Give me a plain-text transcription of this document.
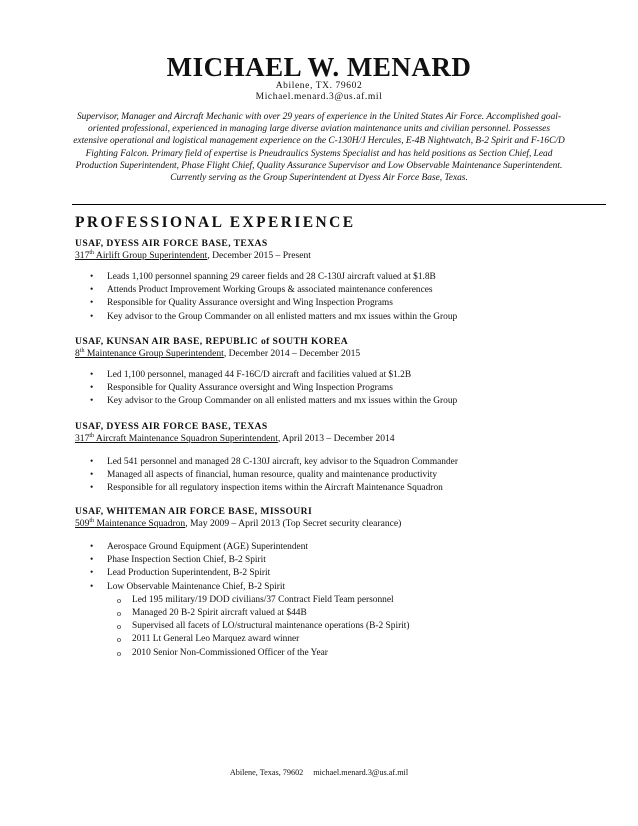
MICHAEL W. MENARD
Abilene, TX. 79602
Michael.menard.3@us.af.mil
Supervisor, Manager and Aircraft Mechanic with over 29 years of experience in the United States Air Force. Accomplished goal-oriented professional, experienced in managing large diverse aviation maintenance units and civilian personnel. Possesses extensive operational and logistical management experience on the C-130H/J Hercules, E-4B Nightwatch, B-2 Spirit and F-16C/D Fighting Falcon. Primary field of expertise is Pneudraulics Systems Specialist and has held positions as Section Chief, Lead Production Superintendent, Phase Flight Chief, Quality Assurance Supervisor and Low Observable Maintenance Superintendent. Currently serving as the Group Superintendent at Dyess Air Force Base, Texas.
PROFESSIONAL EXPERIENCE
USAF, DYESS AIR FORCE BASE, TEXAS
317th Airlift Group Superintendent, December 2015 – Present
• Leads 1,100 personnel spanning 29 career fields and 28 C-130J aircraft valued at $1.8B
• Attends Product Improvement Working Groups & associated maintenance conferences
• Responsible for Quality Assurance oversight and Wing Inspection Programs
• Key advisor to the Group Commander on all enlisted matters and mx issues within the Group
USAF, KUNSAN AIR BASE, REPUBLIC of SOUTH KOREA
8th Maintenance Group Superintendent, December 2014 – December 2015
• Led 1,100 personnel, managed 44 F-16C/D aircraft and facilities valued at $1.2B
• Responsible for Quality Assurance oversight and Wing Inspection Programs
• Key advisor to the Group Commander on all enlisted matters and mx issues within the Group
USAF, DYESS AIR FORCE BASE, TEXAS
317th Aircraft Maintenance Squadron Superintendent, April 2013 – December 2014
• Led 541 personnel and managed 28 C-130J aircraft, key advisor to the Squadron Commander
• Managed all aspects of financial, human resource, quality and maintenance productivity
• Responsible for all regulatory inspection items within the Aircraft Maintenance Squadron
USAF, WHITEMAN AIR FORCE BASE, MISSOURI
509th Maintenance Squadron, May 2009 – April 2013 (Top Secret security clearance)
• Aerospace Ground Equipment (AGE) Superintendent
• Phase Inspection Section Chief, B-2 Spirit
• Lead Production Superintendent, B-2 Spirit
• Low Observable Maintenance Chief, B-2 Spirit
o Led 195 military/19 DOD civilians/37 Contract Field Team personnel
o Managed 20 B-2 Spirit aircraft valued at $44B
o Supervised all facets of LO/structural maintenance operations (B-2 Spirit)
o 2011 Lt General Leo Marquez award winner
o 2010 Senior Non-Commissioned Officer of the Year
Abilene, Texas, 79602 michael.menard.3@us.af.mil
